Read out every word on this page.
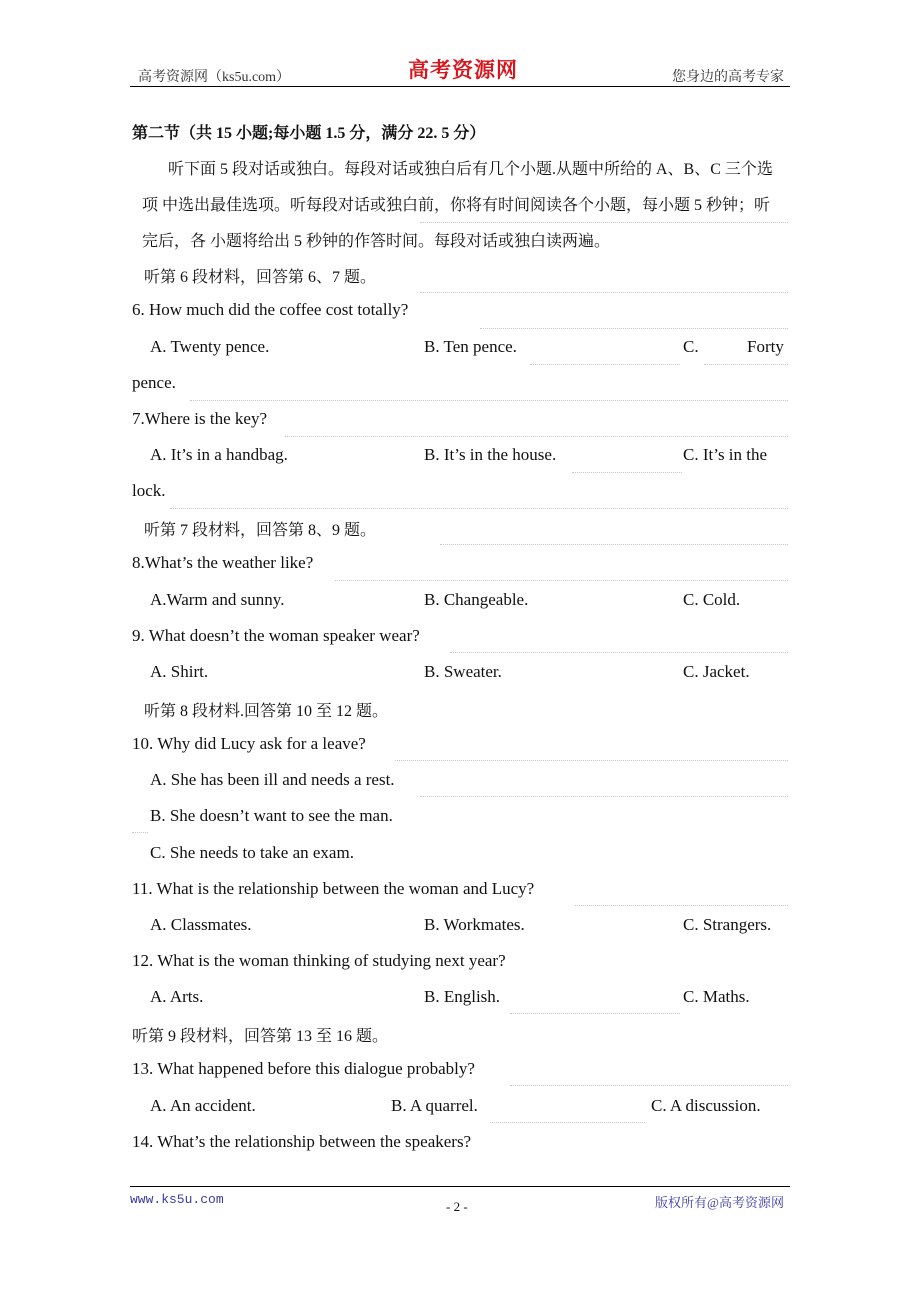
高考资源网（ks5u.com）	高考资源网	您身边的高考专家
第二节（共 15 小题;每小题 1.5 分，满分 22. 5 分）
听下面 5 段对话或独白。每段对话或独白后有几个小题.从题中所给的 A、B、C 三个选
项 中选出最佳选项。听每段对话或独白前，你将有时间阅读各个小题，每小题 5 秒钟；听
完后，各 小题将给出 5 秒钟的作答时间。每段对话或独白读两遍。
听第 6 段材料，回答第 6、7 题。
6. How much did the coffee cost totally?
A. Twenty pence.	B. Ten pence.	C.	Forty
pence.
7.Where is the key?
A. It’s in a handbag.	B. It’s in the house.	C. It’s in the
lock.
听第 7 段材料，回答第 8、9 题。
8.What’s the weather like?
A.Warm and sunny.	B. Changeable.	C. Cold.
9. What doesn’t the woman speaker wear?
A. Shirt.	B. Sweater.	C. Jacket.
听第 8 段材料.回答第 10 至 12 题。
10. Why did Lucy ask for a leave?
A. She has been ill and needs a rest.
B. She doesn’t want to see the man.
C. She needs to take an exam.
11. What is the relationship between the woman and Lucy?
A. Classmates.	B. Workmates.	C. Strangers.
12. What is the woman thinking of studying next year?
A. Arts.	B. English.	C. Maths.
听第 9 段材料，回答第 13 至 16 题。
13. What happened before this dialogue probably?
A. An accident.	B. A quarrel.	C. A discussion.
14. What’s the relationship between the speakers?
www.ks5u.com	- 2 -	版权所有@高考资源网
